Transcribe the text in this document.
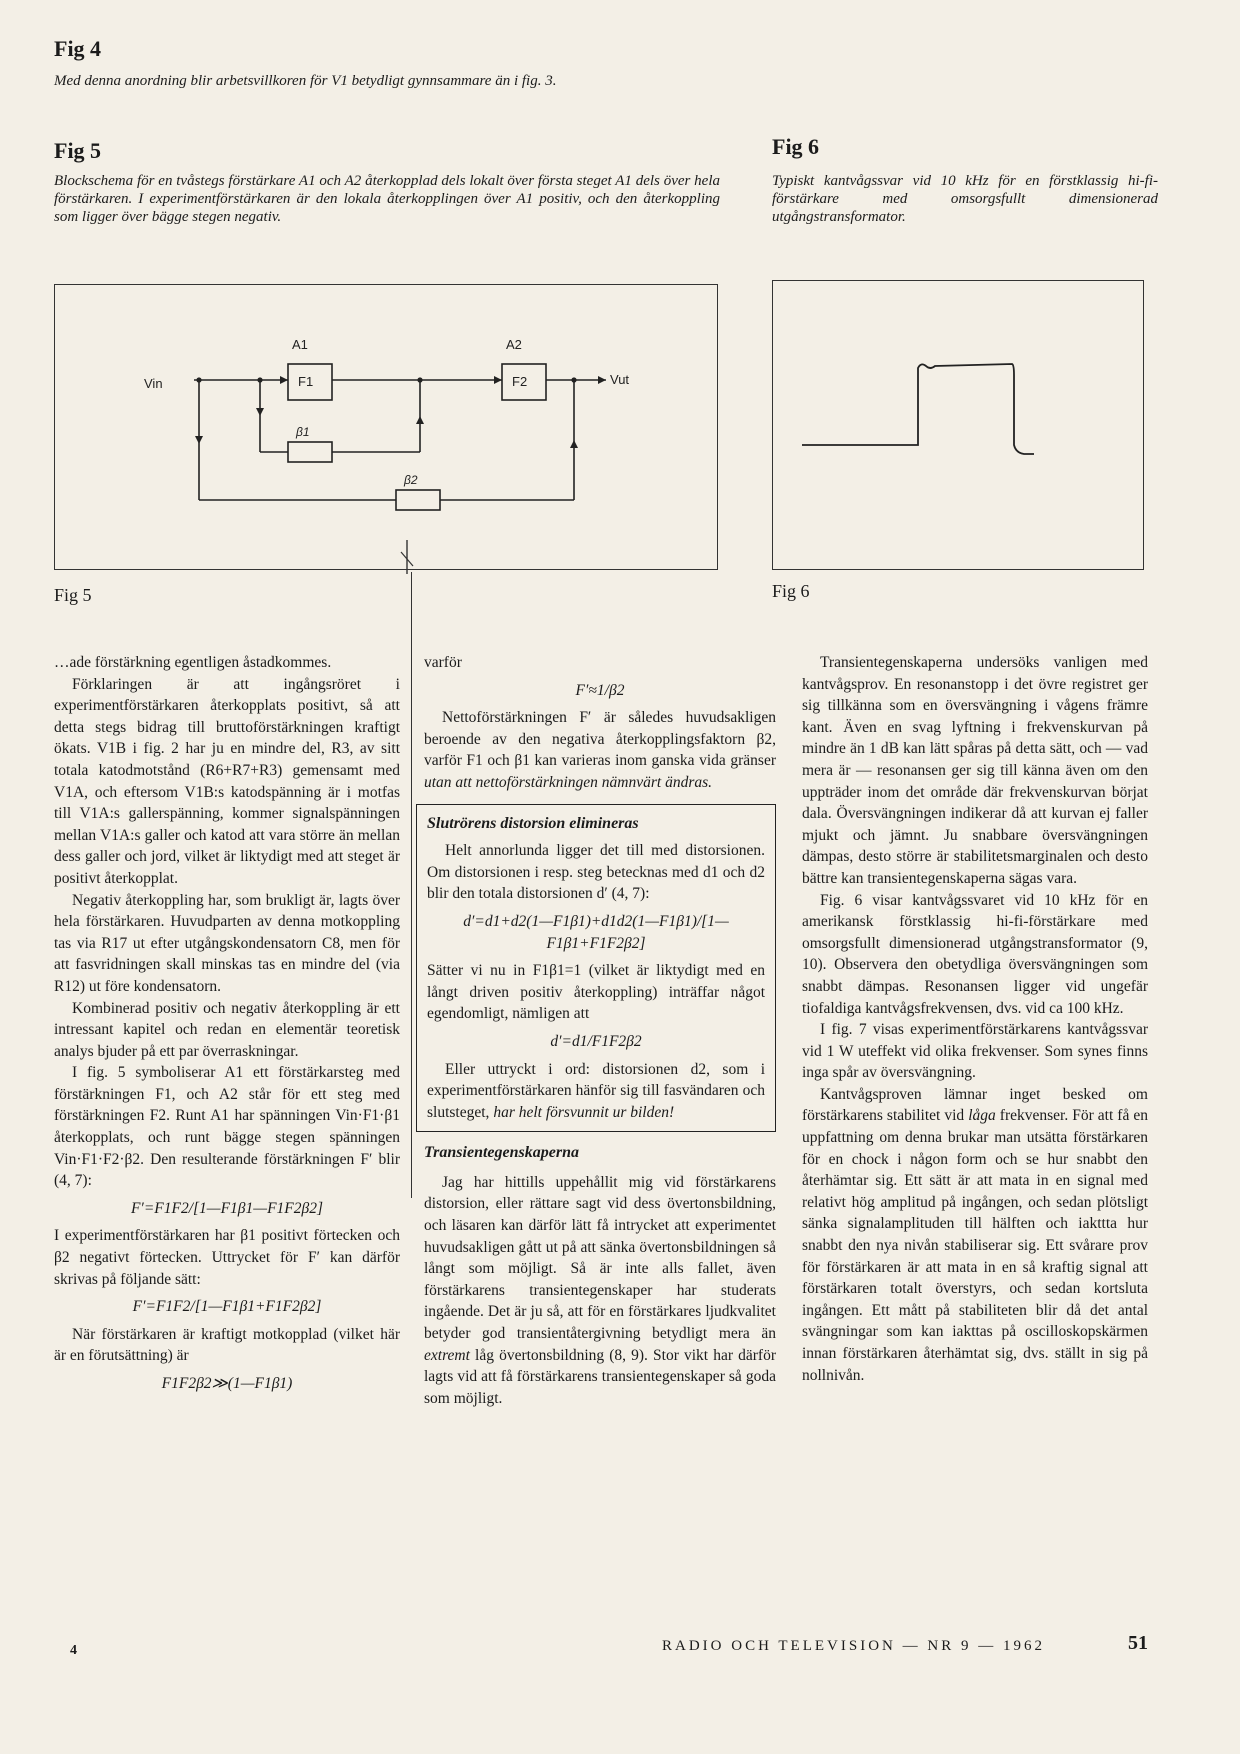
Fig 4
Med denna anordning blir arbetsvillkoren för V1 betydligt gynnsammare än i fig. 3.
Fig 5
Blockschema för en tvåstegs förstärkare A1 och A2 återkopplad dels lokalt över första steget A1 dels över hela förstärkaren. I experimentförstärkaren är den lokala återkopplingen över A1 positiv, och den återkoppling som ligger över bägge stegen negativ.
Fig 6
Typiskt kantvågssvar vid 10 kHz för en förstklassig hi-fi-förstärkare med omsorgsfullt dimensionerad utgångstransformator.
A1	A2
F1	F2
β1
β2
Vin	Vut
Fig 5	Fig 6

…ade förstärkning egentligen åstadkommes.

Förklaringen är att ingångsröret i experimentförstärkaren återkopplats positivt, så att detta stegs bidrag till bruttoförstärkningen kraftigt ökats. V1B i fig. 2 har ju en mindre del, R3, av sitt totala katodmotstånd (R6+R7+R3) gemensamt med V1A, och eftersom V1B:s katodspänning är i motfas till V1A:s gallerspänning, kommer signalspänningen mellan V1A:s galler och katod att vara större än mellan dess galler och jord, vilket är liktydigt med att steget är positivt återkopplat.

Negativ återkoppling har, som brukligt är, lagts över hela förstärkaren. Huvudparten av denna motkoppling tas via R17 ut efter utgångskondensatorn C8, men för att fasvridningen skall minskas tas en mindre del (via R12) ut före kondensatorn.

Kombinerad positiv och negativ återkoppling är ett intressant kapitel och redan en elementär teoretisk analys bjuder på ett par överraskningar.

I fig. 5 symboliserar A1 ett förstärkarsteg med förstärkningen F1, och A2 står för ett steg med förstärkningen F2. Runt A1 har spänningen Vin·F1·β1 återkopplats, och runt bägge stegen spänningen Vin·F1·F2·β2. Den resulterande förstärkningen F′ blir (4, 7):

F′=F1F2/[1—F1β1—F1F2β2]

I experimentförstärkaren har β1 positivt förtecken och β2 negativt förtecken. Uttrycket för F′ kan därför skrivas på följande sätt:

F′=F1F2/[1—F1β1+F1F2β2]

När förstärkaren är kraftigt motkopplad (vilket här är en förutsättning) är

F1F2β2≫(1—F1β1)

varför

F′≈1/β2

Nettoförstärkningen F′ är således huvudsakligen beroende av den negativa återkopplingsfaktorn β2, varför F1 och β1 kan varieras inom ganska vida gränser utan att nettoförstärkningen nämnvärt ändras.

Slutrörens distorsion elimineras

Helt annorlunda ligger det till med distorsionen. Om distorsionen i resp. steg betecknas med d1 och d2 blir den totala distorsionen d′ (4, 7):

d′=d1+d2(1—F1β1)+d1d2(1—F1β1)/[1—F1β1+F1F2β2]

Sätter vi nu in F1β1=1 (vilket är liktydigt med en långt driven positiv återkoppling) inträffar något egendomligt, nämligen att

d′=d1/F1F2β2

Eller uttryckt i ord: distorsionen d2, som i experimentförstärkaren hänför sig till fasvändaren och slutsteget, har helt försvunnit ur bilden!

Transientegenskaperna

Jag har hittills uppehållit mig vid förstärkarens distorsion, eller rättare sagt vid dess övertonsbildning, och läsaren kan därför lätt få intrycket att experimentet huvudsakligen gått ut på att sänka övertonsbildningen så långt som möjligt. Så är inte alls fallet, även förstärkarens transientegenskaper har studerats ingående. Det är ju så, att för en förstärkares ljudkvalitet betyder god transientåtergivning betydligt mera än extremt låg övertonsbildning (8, 9). Stor vikt har därför lagts vid att få förstärkarens transientegenskaper så goda som möjligt.

Transientegenskaperna undersöks vanligen med kantvågsprov. En resonanstopp i det övre registret ger sig tillkänna som en översvängning i vågens främre kant. Även en svag lyftning i frekvenskurvan på mindre än 1 dB kan lätt spåras på detta sätt, och — vad mera är — resonansen ger sig till känna även om den uppträder inom det område där frekvenskurvan börjat dala. Översvängningen indikerar då att kurvan ej faller mjukt och jämnt. Ju snabbare översvängningen dämpas, desto större är stabilitetsmarginalen och desto bättre kan transientegenskaperna sägas vara.

Fig. 6 visar kantvågssvaret vid 10 kHz för en amerikansk förstklassig hi-fi-förstärkare med omsorgsfullt dimensionerad utgångstransformator (9, 10). Observera den obetydliga översvängningen som snabbt dämpas. Resonansen ligger vid ungefär tiofaldiga kantvågsfrekvensen, dvs. vid ca 100 kHz.

I fig. 7 visas experimentförstärkarens kantvågssvar vid 1 W uteffekt vid olika frekvenser. Som synes finns inga spår av översvängning.

Kantvågsproven lämnar inget besked om förstärkarens stabilitet vid låga frekvenser. För att få en uppfattning om denna brukar man utsätta förstärkaren för en chock i någon form och se hur snabbt den återhämtar sig. Ett sätt är att mata in en signal med relativt hög amplitud på ingången, och sedan plötsligt sänka signalamplituden till hälften och iakttta hur snabbt den nya nivån stabiliserar sig. Ett svårare prov för förstärkaren är att mata in en så kraftig signal att förstärkaren totalt överstyrs, och sedan kortsluta ingången. Ett mått på stabiliteten blir då det antal svängningar som kan iakttas på oscilloskopskärmen innan förstärkaren återhämtat sig, dvs. ställt in sig på nollnivån.

4	RADIO OCH TELEVISION — NR 9 — 1962	51
